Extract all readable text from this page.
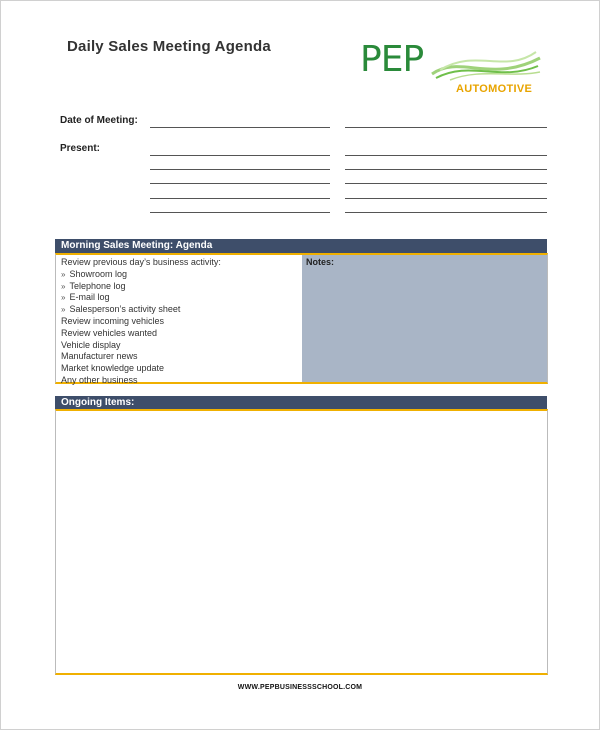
Daily Sales Meeting Agenda PEP
AUTOMOTIVE
Date of Meeting:
Present:
Morning Sales Meeting: Agenda
Review previous day’s business activity:
» Showroom log
» Telephone log
» E-mail log
» Salesperson’s activity sheet
Review incoming vehicles
Review vehicles wanted
Vehicle display
Manufacturer news
Market knowledge update
Any other business
Notes:
Ongoing Items:
WWW.PEPBUSINESSSCHOOL.COM
